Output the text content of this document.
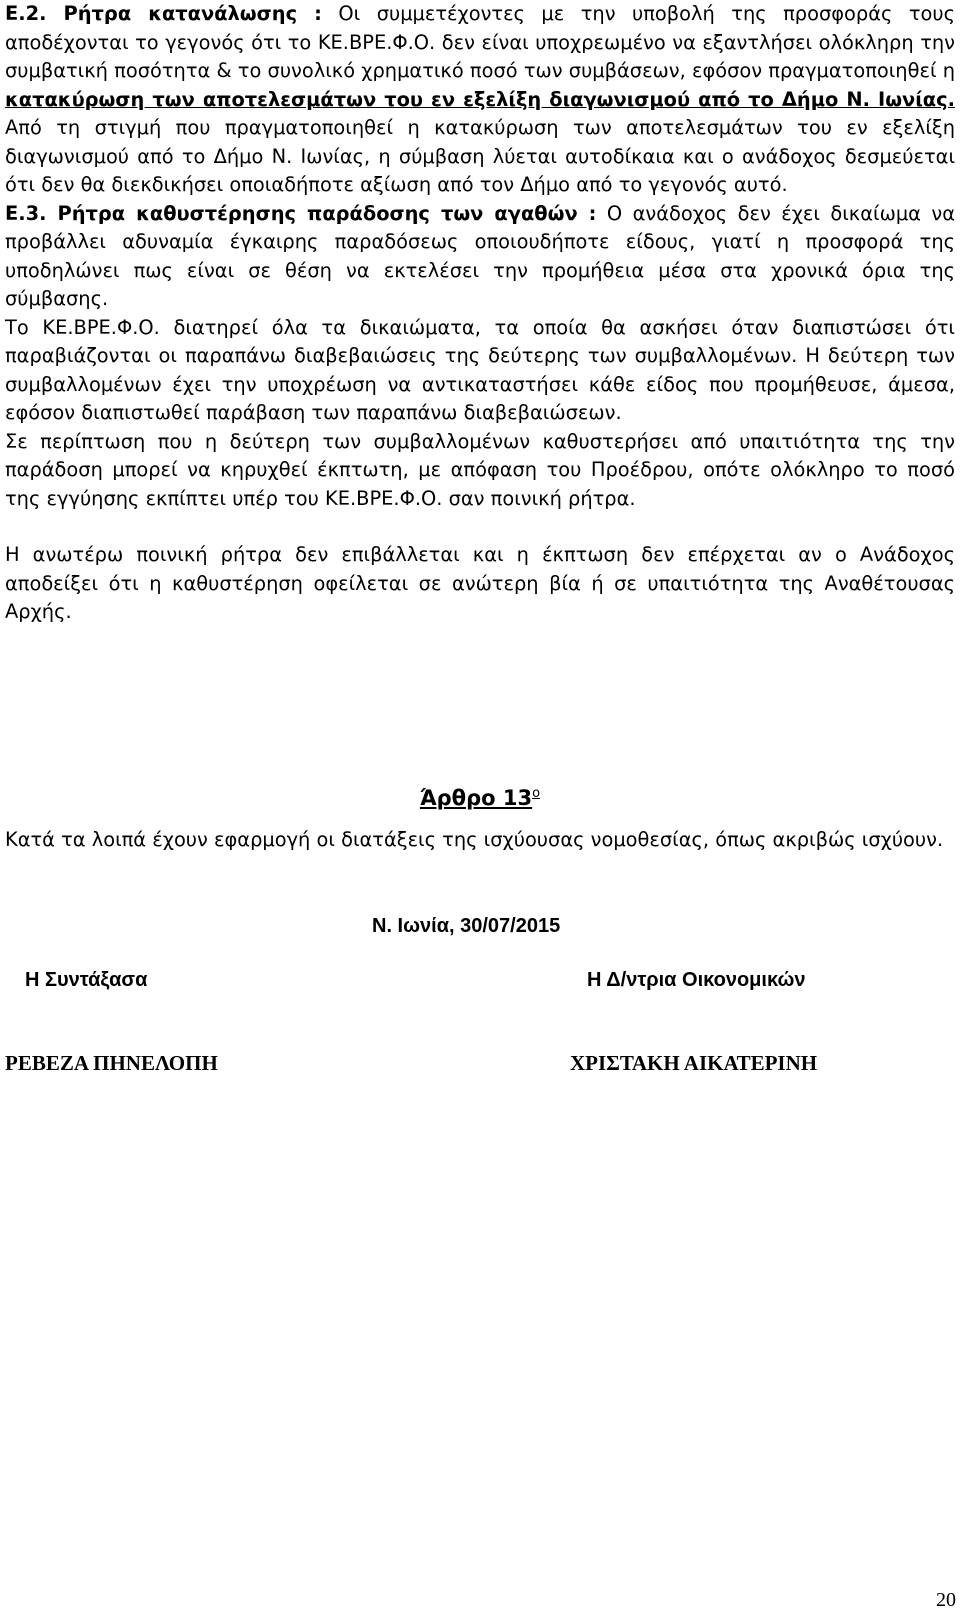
Ε.2. Ρήτρα κατανάλωσης : Οι συμμετέχοντες με την υποβολή της προσφοράς τους αποδέχονται το γεγονός ότι το ΚΕ.ΒΡΕ.Φ.Ο. δεν είναι υποχρεωμένο να εξαντλήσει ολόκληρη την συμβατική ποσότητα & το συνολικό χρηματικό ποσό των συμβάσεων, εφόσον πραγματοποιηθεί η κατακύρωση των αποτελεσμάτων του εν εξελίξη διαγωνισμού από το Δήμο Ν. Ιωνίας. Από τη στιγμή που πραγματοποιηθεί η κατακύρωση των αποτελεσμάτων του εν εξελίξη διαγωνισμού από το Δήμο Ν. Ιωνίας, η σύμβαση λύεται αυτοδίκαια και ο ανάδοχος δεσμεύεται ότι δεν θα διεκδικήσει οποιαδήποτε αξίωση από τον Δήμο από το γεγονός αυτό.

Ε.3. Ρήτρα καθυστέρησης παράδοσης των αγαθών : Ο ανάδοχος δεν έχει δικαίωμα να προβάλλει αδυναμία έγκαιρης παραδόσεως οποιουδήποτε είδους, γιατί η προσφορά της υποδηλώνει πως είναι σε θέση να εκτελέσει την προμήθεια μέσα στα χρονικά όρια της σύμβασης.

Το ΚΕ.ΒΡΕ.Φ.Ο. διατηρεί όλα τα δικαιώματα, τα οποία θα ασκήσει όταν διαπιστώσει ότι παραβιάζονται οι παραπάνω διαβεβαιώσεις της δεύτερης των συμβαλλομένων. Η δεύτερη των συμβαλλομένων έχει την υποχρέωση να αντικαταστήσει κάθε είδος που προμήθευσε, άμεσα, εφόσον διαπιστωθεί παράβαση των παραπάνω διαβεβαιώσεων.

Σε περίπτωση που η δεύτερη των συμβαλλομένων καθυστερήσει από υπαιτιότητα της την παράδοση μπορεί να κηρυχθεί έκπτωτη, με απόφαση του Προέδρου, οπότε ολόκληρο το ποσό της εγγύησης εκπίπτει υπέρ του ΚΕ.ΒΡΕ.Φ.Ο. σαν ποινική ρήτρα.

Η ανωτέρω ποινική ρήτρα δεν επιβάλλεται και η έκπτωση δεν επέρχεται αν ο Ανάδοχος αποδείξει ότι η καθυστέρηση οφείλεται σε ανώτερη βία ή σε υπαιτιότητα της Αναθέτουσας Αρχής.

Άρθρο $13^o$

Κατά τα λοιπά έχουν εφαρμογή οι διατάξεις της ισχύουσας νομοθεσίας, όπως ακριβώς ισχύουν.

Ν. Ιωνία, 30/07/2015
Η Συντάξασα	Η Δ/ντρια Οικονομικών
ΡΕΒΕΖΑ ΠΗΝΕΛΟΠΗ	ΧΡΙΣΤΑΚΗ ΑΙΚΑΤΕΡΙΝΗ
20
